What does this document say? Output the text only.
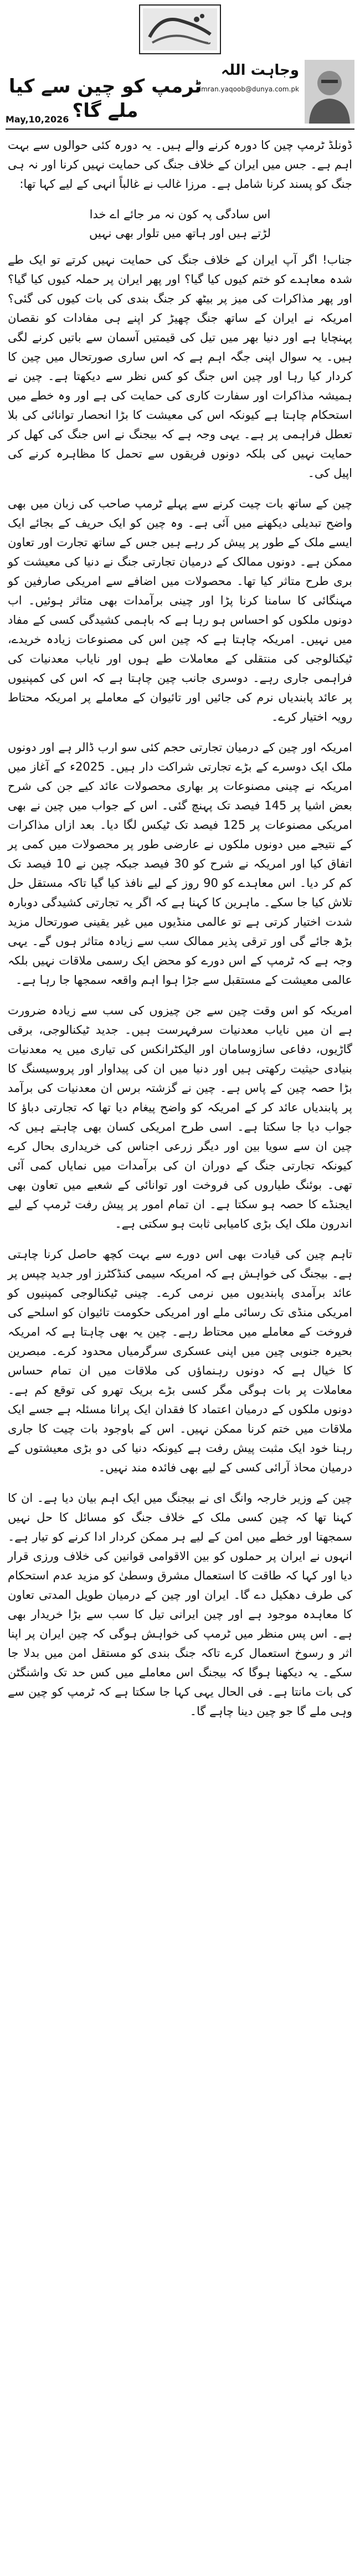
وجاہت اللہ
imran.yaqoob@dunya.com.pk
ٹرمپ کو چین سے کیا ملے گا؟
May,10,2026

ڈونلڈ ٹرمپ چین کا دورہ کرنے والے ہیں۔ یہ دورہ کئی حوالوں سے بہت اہم ہے۔ جس میں ایران کے خلاف جنگ کی حمایت نہیں کرنا اور نہ ہی جنگ کو پسند کرنا شامل ہے۔ مرزا غالب نے غالباً انہی کے لیے کہا تھا:

اس سادگی پہ کون نہ مر جائے اے خدا
لڑتے ہیں اور ہاتھ میں تلوار بھی نہیں

جناب! اگر آپ ایران کے خلاف جنگ کی حمایت نہیں کرتے تو ایک طے شدہ معاہدے کو ختم کیوں کیا گیا؟ اور پھر ایران پر حملہ کیوں کیا گیا؟ اور پھر مذاکرات کی میز پر بیٹھ کر جنگ بندی کی بات کیوں کی گئی؟ امریکہ نے ایران کے ساتھ جنگ چھیڑ کر اپنے ہی مفادات کو نقصان پہنچایا ہے اور دنیا بھر میں تیل کی قیمتیں آسمان سے باتیں کرنے لگی ہیں۔ یہ سوال اپنی جگہ اہم ہے کہ اس ساری صورتحال میں چین کا کردار کیا رہا اور چین اس جنگ کو کس نظر سے دیکھتا ہے۔ چین نے ہمیشہ مذاکرات اور سفارت کاری کی حمایت کی ہے اور وہ خطے میں استحکام چاہتا ہے کیونکہ اس کی معیشت کا بڑا انحصار توانائی کی بلا تعطل فراہمی پر ہے۔ یہی وجہ ہے کہ بیجنگ نے اس جنگ کی کھل کر حمایت نہیں کی بلکہ دونوں فریقوں سے تحمل کا مظاہرہ کرنے کی اپیل کی۔

چین کے ساتھ بات چیت کرنے سے پہلے ٹرمپ صاحب کی زبان میں بھی واضح تبدیلی دیکھنے میں آئی ہے۔ وہ چین کو ایک حریف کے بجائے ایک ایسے ملک کے طور پر پیش کر رہے ہیں جس کے ساتھ تجارت اور تعاون ممکن ہے۔ دونوں ممالک کے درمیان تجارتی جنگ نے دنیا کی معیشت کو بری طرح متاثر کیا تھا۔ محصولات میں اضافے سے امریکی صارفین کو مہنگائی کا سامنا کرنا پڑا اور چینی برآمدات بھی متاثر ہوئیں۔ اب دونوں ملکوں کو احساس ہو رہا ہے کہ باہمی کشیدگی کسی کے مفاد میں نہیں۔ امریکہ چاہتا ہے کہ چین اس کی مصنوعات زیادہ خریدے، ٹیکنالوجی کی منتقلی کے معاملات طے ہوں اور نایاب معدنیات کی فراہمی جاری رہے۔ دوسری جانب چین چاہتا ہے کہ اس کی کمپنیوں پر عائد پابندیاں نرم کی جائیں اور تائیوان کے معاملے پر امریکہ محتاط رویہ اختیار کرے۔

امریکہ اور چین کے درمیان تجارتی حجم کئی سو ارب ڈالر ہے اور دونوں ملک ایک دوسرے کے بڑے تجارتی شراکت دار ہیں۔ 2025ء کے آغاز میں امریکہ نے چینی مصنوعات پر بھاری محصولات عائد کیے جن کی شرح بعض اشیا پر 145 فیصد تک پہنچ گئی۔ اس کے جواب میں چین نے بھی امریکی مصنوعات پر 125 فیصد تک ٹیکس لگا دیا۔ بعد ازاں مذاکرات کے نتیجے میں دونوں ملکوں نے عارضی طور پر محصولات میں کمی پر اتفاق کیا اور امریکہ نے شرح کو 30 فیصد جبکہ چین نے 10 فیصد تک کم کر دیا۔ اس معاہدے کو 90 روز کے لیے نافذ کیا گیا تاکہ مستقل حل تلاش کیا جا سکے۔ ماہرین کا کہنا ہے کہ اگر یہ تجارتی کشیدگی دوبارہ شدت اختیار کرتی ہے تو عالمی منڈیوں میں غیر یقینی صورتحال مزید بڑھ جائے گی اور ترقی پذیر ممالک سب سے زیادہ متاثر ہوں گے۔ یہی وجہ ہے کہ ٹرمپ کے اس دورے کو محض ایک رسمی ملاقات نہیں بلکہ عالمی معیشت کے مستقبل سے جڑا ہوا اہم واقعہ سمجھا جا رہا ہے۔

امریکہ کو اس وقت چین سے جن چیزوں کی سب سے زیادہ ضرورت ہے ان میں نایاب معدنیات سرفہرست ہیں۔ جدید ٹیکنالوجی، برقی گاڑیوں، دفاعی سازوسامان اور الیکٹرانکس کی تیاری میں یہ معدنیات بنیادی حیثیت رکھتی ہیں اور دنیا میں ان کی پیداوار اور پروسیسنگ کا بڑا حصہ چین کے پاس ہے۔ چین نے گزشتہ برس ان معدنیات کی برآمد پر پابندیاں عائد کر کے امریکہ کو واضح پیغام دیا تھا کہ تجارتی دباؤ کا جواب دیا جا سکتا ہے۔ اسی طرح امریکی کسان بھی چاہتے ہیں کہ چین ان سے سویا بین اور دیگر زرعی اجناس کی خریداری بحال کرے کیونکہ تجارتی جنگ کے دوران ان کی برآمدات میں نمایاں کمی آئی تھی۔ بوئنگ طیاروں کی فروخت اور توانائی کے شعبے میں تعاون بھی ایجنڈے کا حصہ ہو سکتا ہے۔ ان تمام امور پر پیش رفت ٹرمپ کے لیے اندرون ملک ایک بڑی کامیابی ثابت ہو سکتی ہے۔

تاہم چین کی قیادت بھی اس دورے سے بہت کچھ حاصل کرنا چاہتی ہے۔ بیجنگ کی خواہش ہے کہ امریکہ سیمی کنڈکٹرز اور جدید چپس پر عائد برآمدی پابندیوں میں نرمی کرے۔ چینی ٹیکنالوجی کمپنیوں کو امریکی منڈی تک رسائی ملے اور امریکی حکومت تائیوان کو اسلحے کی فروخت کے معاملے میں محتاط رہے۔ چین یہ بھی چاہتا ہے کہ امریکہ بحیرہ جنوبی چین میں اپنی عسکری سرگرمیاں محدود کرے۔ مبصرین کا خیال ہے کہ دونوں رہنماؤں کی ملاقات میں ان تمام حساس معاملات پر بات ہوگی مگر کسی بڑے بریک تھرو کی توقع کم ہے۔ دونوں ملکوں کے درمیان اعتماد کا فقدان ایک پرانا مسئلہ ہے جسے ایک ملاقات میں ختم کرنا ممکن نہیں۔ اس کے باوجود بات چیت کا جاری رہنا خود ایک مثبت پیش رفت ہے کیونکہ دنیا کی دو بڑی معیشتوں کے درمیان محاذ آرائی کسی کے لیے بھی فائدہ مند نہیں۔

چین کے وزیر خارجہ وانگ ای نے بیجنگ میں ایک اہم بیان دیا ہے۔ ان کا کہنا تھا کہ چین کسی ملک کے خلاف جنگ کو مسائل کا حل نہیں سمجھتا اور خطے میں امن کے لیے ہر ممکن کردار ادا کرنے کو تیار ہے۔ انہوں نے ایران پر حملوں کو بین الاقوامی قوانین کی خلاف ورزی قرار دیا اور کہا کہ طاقت کا استعمال مشرق وسطیٰ کو مزید عدم استحکام کی طرف دھکیل دے گا۔ ایران اور چین کے درمیان طویل المدتی تعاون کا معاہدہ موجود ہے اور چین ایرانی تیل کا سب سے بڑا خریدار بھی ہے۔ اس پس منظر میں ٹرمپ کی خواہش ہوگی کہ چین ایران پر اپنا اثر و رسوخ استعمال کرے تاکہ جنگ بندی کو مستقل امن میں بدلا جا سکے۔ یہ دیکھنا ہوگا کہ بیجنگ اس معاملے میں کس حد تک واشنگٹن کی بات مانتا ہے۔ فی الحال یہی کہا جا سکتا ہے کہ ٹرمپ کو چین سے وہی ملے گا جو چین دینا چاہے گا۔
